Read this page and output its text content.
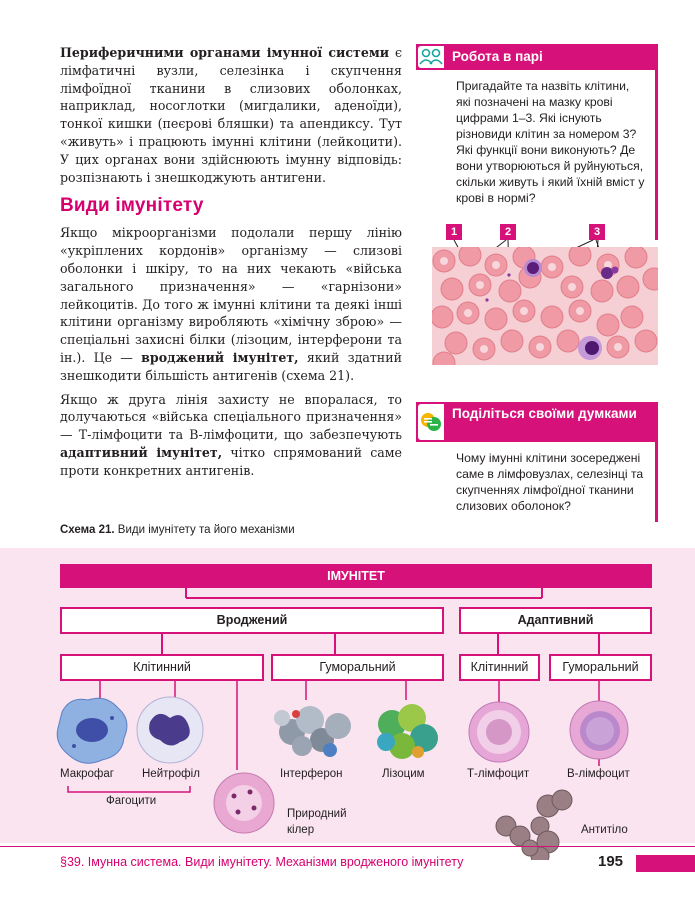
Периферичними органами імунної системи є лімфатичні вузли, селезінка і скупчення лімфоїдної тканини в слизових оболонках, наприклад, носоглотки (мигдалики, аденоїди), тонкої кишки (пеєрові бляшки) та апендиксу. Тут «живуть» і працюють імунні клітини (лейкоцити). У цих органах вони здійснюють імунну відповідь: розпізнають і знешкоджують антигени.

Види імунітету

Якщо мікроорганізми подолали першу лінію «укріплених кордонів» організму — слизові оболонки і шкіру, то на них чекають «війська загального призначення» — «гарнізони» лейкоцитів. До того ж імунні клітини та деякі інші клітини організму виробляють «хімічну зброю» — спеціальні захисні білки (лізоцим, інтерферони та ін.). Це — вроджений імунітет, який здатний знешкодити більшість антигенів (схема 21).

Якщо ж друга лінія захисту не впоралася, то долучаються «війська спеціального призначення» — Т-лімфоцити та В-лімфоцити, що забезпечують адаптивний імунітет, чітко спрямований саме проти конкретних антигенів.

Робота в парі
Пригадайте та назвіть клітини, які позначені на мазку крові цифрами 1–3. Які існують різновиди клітин за номером 3? Які функції вони виконують? Де вони утворюються й руйнуються, скільки живуть і який їхній вміст у крові в нормі?
1	2	3
Поділіться своїми думками
Чому імунні клітини зосереджені саме в лімфовузлах, селезінці та скупченнях лімфоїдної тканини слизових оболонок?
Схема 21. Види імунітету та його механізми
ІМУНІТЕТ
Вроджений	Адаптивний
Клітинний	Гуморальний	Клітинний	Гуморальний
Макрофаг Нейтрофіл
Фагоцити
Природний кілер
Інтерферон	Лізоцим	Т-лімфоцит	В-лімфоцит
Антитіло
§39. Імунна система. Види імунітету. Механізми вродженого імунітету	195
